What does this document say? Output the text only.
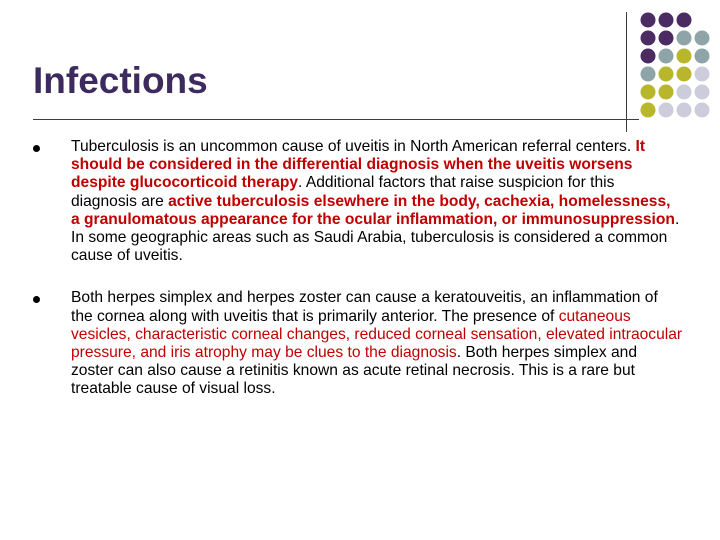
Infections
Tuberculosis is an uncommon cause of uveitis in North American referral centers. It should be considered in the differential diagnosis when the uveitis worsens despite glucocorticoid therapy. Additional factors that raise suspicion for this diagnosis are active tuberculosis elsewhere in the body, cachexia, homelessness, a granulomatous appearance for the ocular inflammation, or immunosuppression. In some geographic areas such as Saudi Arabia, tuberculosis is considered a common cause of uveitis.
Both herpes simplex and herpes zoster can cause a keratouveitis, an inflammation of the cornea along with uveitis that is primarily anterior. The presence of cutaneous vesicles, characteristic corneal changes, reduced corneal sensation, elevated intraocular pressure, and iris atrophy may be clues to the diagnosis. Both herpes simplex and zoster can also cause a retinitis known as acute retinal necrosis. This is a rare but treatable cause of visual loss.
